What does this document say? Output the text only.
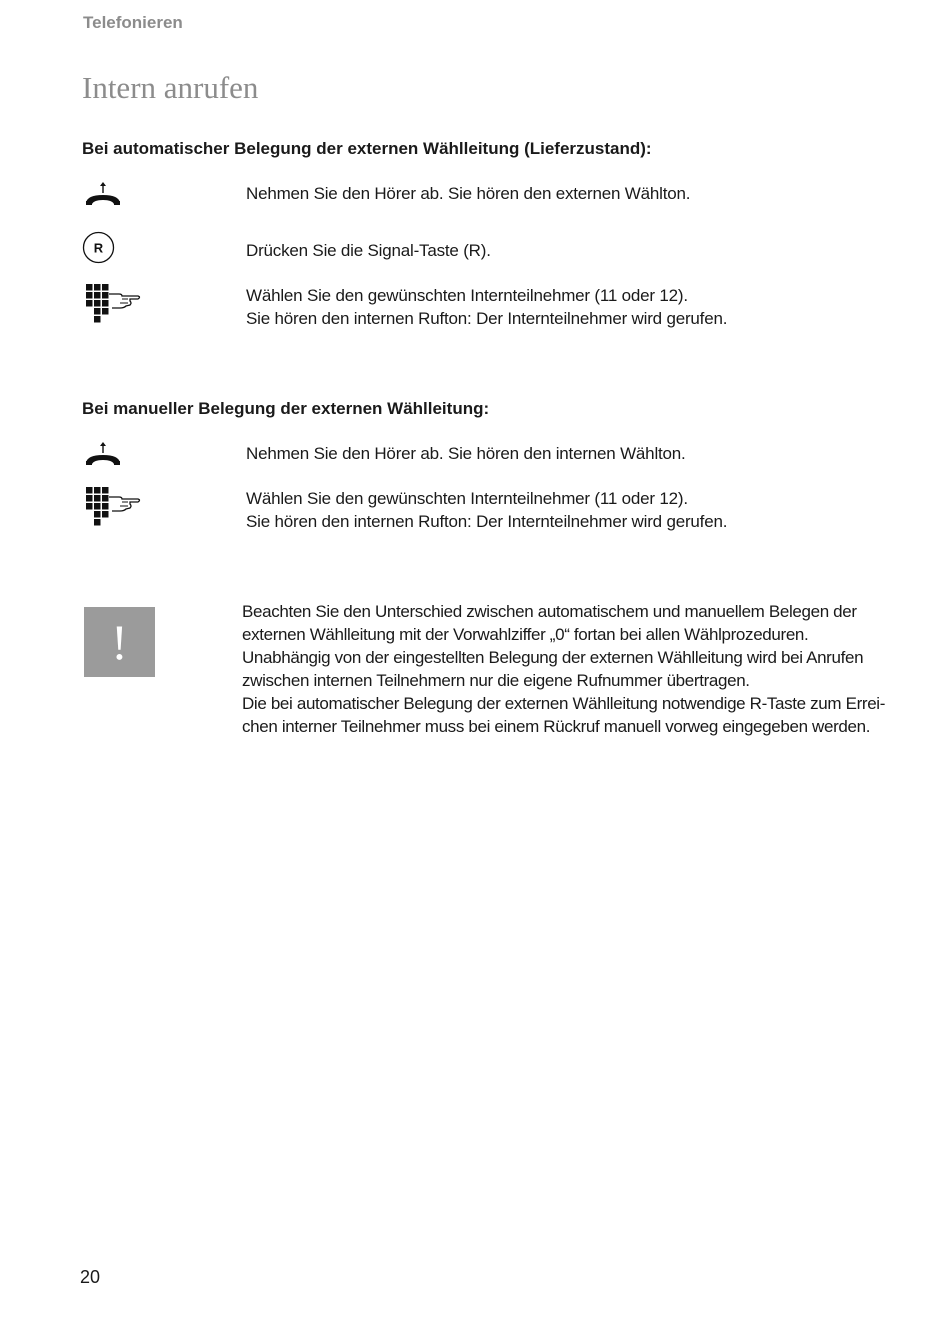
Telefonieren
Intern anrufen
Bei automatischer Belegung der externen Wählleitung (Lieferzustand):
Nehmen Sie den Hörer ab. Sie hören den externen Wählton.
R	Drücken Sie die Signal-Taste (R).
Wählen Sie den gewünschten Internteilnehmer (11 oder 12).
Sie hören den internen Rufton: Der Internteilnehmer wird gerufen.
Bei manueller Belegung der externen Wählleitung:
Nehmen Sie den Hörer ab. Sie hören den internen Wählton.
Wählen Sie den gewünschten Internteilnehmer (11 oder 12).
Sie hören den internen Rufton: Der Internteilnehmer wird gerufen.
!
Beachten Sie den Unterschied zwischen automatischem und manuellem Belegen der
externen Wählleitung mit der Vorwahlziffer „0“ fortan bei allen Wählprozeduren.
Unabhängig von der eingestellten Belegung der externen Wählleitung wird bei Anrufen
zwischen internen Teilnehmern nur die eigene Rufnummer übertragen.
Die bei automatischer Belegung der externen Wählleitung notwendige R-Taste zum Errei-
chen interner Teilnehmer muss bei einem Rückruf manuell vorweg eingegeben werden.
20
